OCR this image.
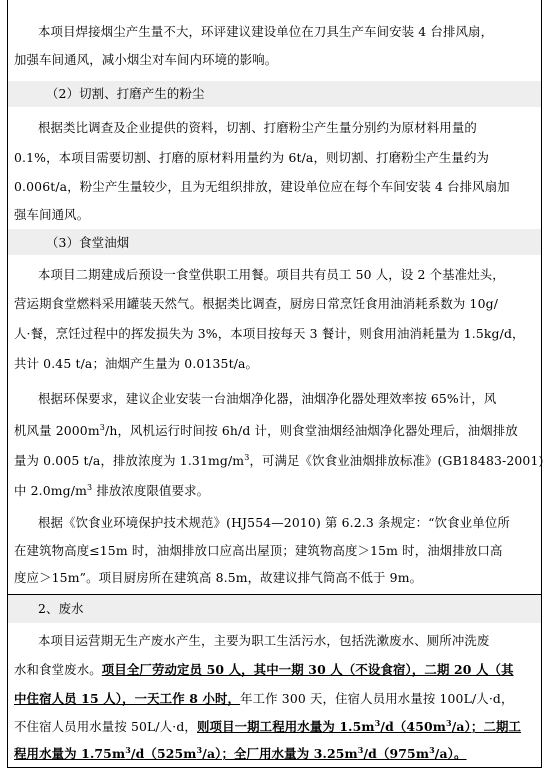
本项目焊接烟尘产生量不大，环评建议建设单位在刀具生产车间安装 4 台排风扇，
加强车间通风，减小烟尘对车间内环境的影响。
（2）切割、打磨产生的粉尘
根据类比调查及企业提供的资料，切割、打磨粉尘产生量分别约为原材料用量的
0.1%，本项目需要切割、打磨的原材料用量约为 6t/a，则切割、打磨粉尘产生量约为
0.006t/a，粉尘产生量较少，且为无组织排放，建设单位应在每个车间安装 4 台排风扇加
强车间通风。
（3）食堂油烟
本项目二期建成后预设一食堂供职工用餐。项目共有员工 50 人，设 2 个基准灶头，
营运期食堂燃料采用罐装天然气。根据类比调查，厨房日常烹饪食用油消耗系数为 10g/
人·餐，烹饪过程中的挥发损失为 3%，本项目按每天 3 餐计，则食用油消耗量为 1.5kg/d，
共计 0.45 t/a；油烟产生量为 0.0135t/a。
根据环保要求，建议企业安装一台油烟净化器，油烟净化器处理效率按 65%计，风
机风量 $2000m^3/h$，风机运行时间按 6h/d 计，则食堂油烟经油烟净化器处理后，油烟排放
量为 0.005 t/a，排放浓度为 $1.31mg/m^3$，可满足《饮食业油烟排放标准》(GB18483-2001)
中 $2.0mg/m^3$ 排放浓度限值要求。
根据《饮食业环境保护技术规范》(HJ554—2010) 第 6.2.3 条规定：“饮食业单位所
在建筑物高度≤15m 时，油烟排放口应高出屋顶；建筑物高度＞15m 时，油烟排放口高
度应＞15m”。项目厨房所在建筑高 8.5m，故建议排气筒高不低于 9m。
2、废水
本项目运营期无生产废水产生，主要为职工生活污水，包括洗漱废水、厕所冲洗废
水和食堂废水。项目全厂劳动定员 50 人，其中一期 30 人（不设食宿），二期 20 人（其
中住宿人员 15 人），一天工作 8 小时，年工作 300 天，住宿人员用水量按 100L/人·d，
不住宿人员用水量按 50L/人·d，则项目一期工程用水量为 $1.5m^3/d(450m^3/a)$；二期工
程用水量为 $1.75m^3/d(525m^3/a)$；全厂用水量为 $3.25m^3/d(975m^3/a)$。
